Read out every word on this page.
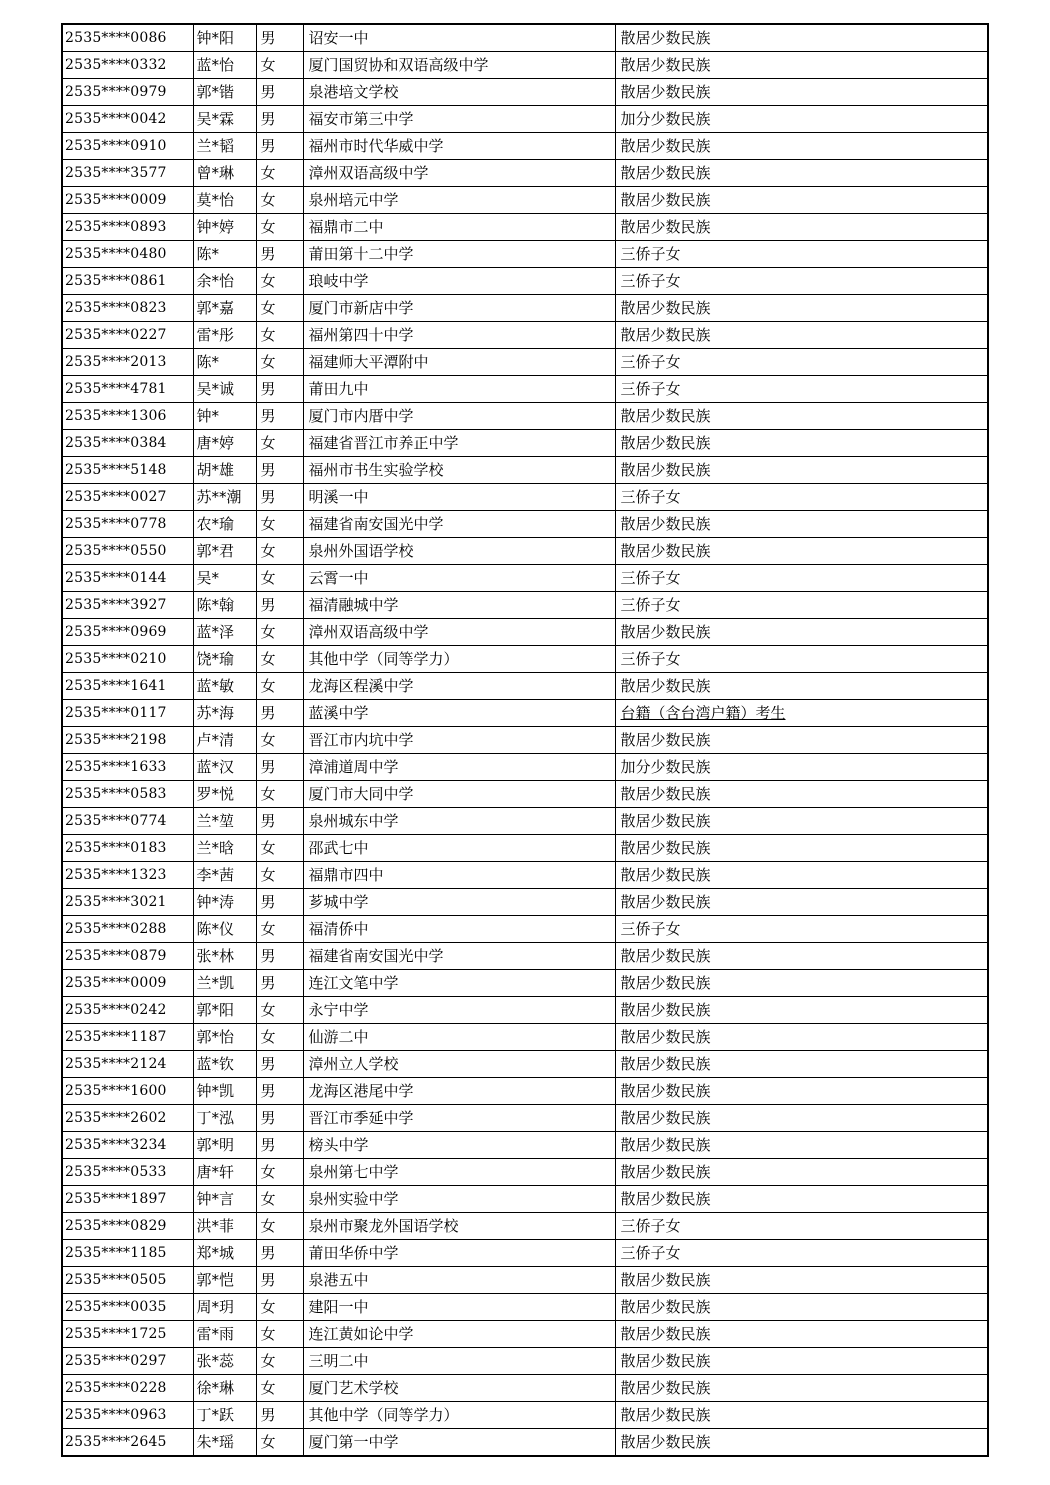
2535****0086	钟*阳	男	诏安一中	散居少数民族
2535****0332	蓝*怡	女	厦门国贸协和双语高级中学	散居少数民族
2535****0979	郭*锴	男	泉港培文学校	散居少数民族
2535****0042	吴*霖	男	福安市第三中学	加分少数民族
2535****0910	兰*韬	男	福州市时代华威中学	散居少数民族
2535****3577	曾*琳	女	漳州双语高级中学	散居少数民族
2535****0009	莫*怡	女	泉州培元中学	散居少数民族
2535****0893	钟*婷	女	福鼎市二中	散居少数民族
2535****0480	陈*	男	莆田第十二中学	三侨子女
2535****0861	余*怡	女	琅岐中学	三侨子女
2535****0823	郭*嘉	女	厦门市新店中学	散居少数民族
2535****0227	雷*彤	女	福州第四十中学	散居少数民族
2535****2013	陈*	女	福建师大平潭附中	三侨子女
2535****4781	吴*诚	男	莆田九中	三侨子女
2535****1306	钟*	男	厦门市内厝中学	散居少数民族
2535****0384	唐*婷	女	福建省晋江市养正中学	散居少数民族
2535****5148	胡*雄	男	福州市书生实验学校	散居少数民族
2535****0027	苏**潮	男	明溪一中	三侨子女
2535****0778	农*瑜	女	福建省南安国光中学	散居少数民族
2535****0550	郭*君	女	泉州外国语学校	散居少数民族
2535****0144	吴*	女	云霄一中	三侨子女
2535****3927	陈*翰	男	福清融城中学	三侨子女
2535****0969	蓝*泽	女	漳州双语高级中学	散居少数民族
2535****0210	饶*瑜	女	其他中学（同等学力）	三侨子女
2535****1641	蓝*敏	女	龙海区程溪中学	散居少数民族
2535****0117	苏*海	男	蓝溪中学	台籍（含台湾户籍）考生
2535****2198	卢*清	女	晋江市内坑中学	散居少数民族
2535****1633	蓝*汉	男	漳浦道周中学	加分少数民族
2535****0583	罗*悦	女	厦门市大同中学	散居少数民族
2535****0774	兰*堃	男	泉州城东中学	散居少数民族
2535****0183	兰*晗	女	邵武七中	散居少数民族
2535****1323	李*茜	女	福鼎市四中	散居少数民族
2535****3021	钟*涛	男	芗城中学	散居少数民族
2535****0288	陈*仪	女	福清侨中	三侨子女
2535****0879	张*林	男	福建省南安国光中学	散居少数民族
2535****0009	兰*凯	男	连江文笔中学	散居少数民族
2535****0242	郭*阳	女	永宁中学	散居少数民族
2535****1187	郭*怡	女	仙游二中	散居少数民族
2535****2124	蓝*钦	男	漳州立人学校	散居少数民族
2535****1600	钟*凯	男	龙海区港尾中学	散居少数民族
2535****2602	丁*泓	男	晋江市季延中学	散居少数民族
2535****3234	郭*明	男	榜头中学	散居少数民族
2535****0533	唐*轩	女	泉州第七中学	散居少数民族
2535****1897	钟*言	女	泉州实验中学	散居少数民族
2535****0829	洪*菲	女	泉州市聚龙外国语学校	三侨子女
2535****1185	郑*城	男	莆田华侨中学	三侨子女
2535****0505	郭*恺	男	泉港五中	散居少数民族
2535****0035	周*玥	女	建阳一中	散居少数民族
2535****1725	雷*雨	女	连江黄如论中学	散居少数民族
2535****0297	张*蕊	女	三明二中	散居少数民族
2535****0228	徐*琳	女	厦门艺术学校	散居少数民族
2535****0963	丁*跃	男	其他中学（同等学力）	散居少数民族
2535****2645	朱*瑶	女	厦门第一中学	散居少数民族
